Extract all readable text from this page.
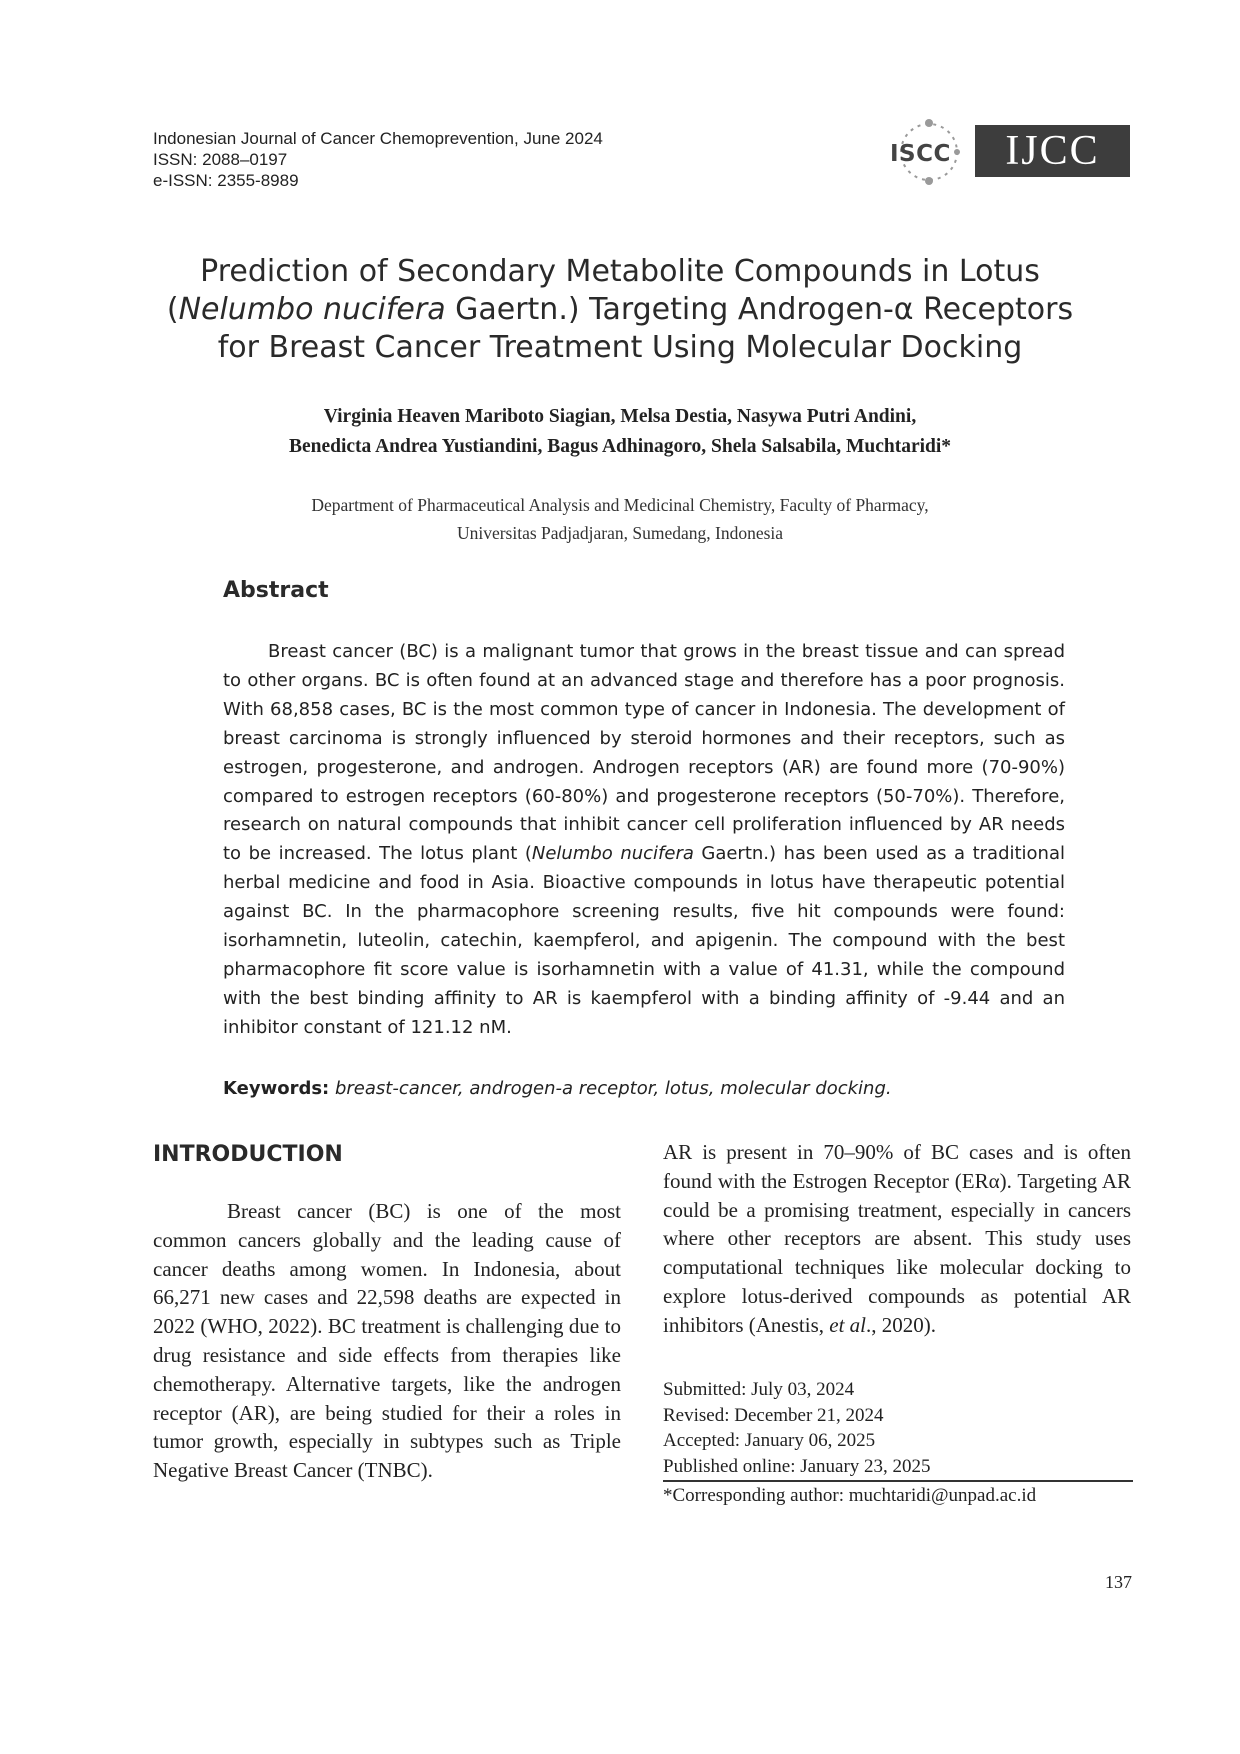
Indonesian Journal of Cancer Chemoprevention, June 2024
ISSN: 2088–0197
e-ISSN: 2355-8989
ISCC	IJCC
Prediction of Secondary Metabolite Compounds in Lotus (Nelumbo nucifera Gaertn.) Targeting Androgen-α Receptors for Breast Cancer Treatment Using Molecular Docking
Virginia Heaven Mariboto Siagian, Melsa Destia, Nasywa Putri Andini,
Benedicta Andrea Yustiandini, Bagus Adhinagoro, Shela Salsabila, Muchtaridi*
Department of Pharmaceutical Analysis and Medicinal Chemistry, Faculty of Pharmacy,
Universitas Padjadjaran, Sumedang, Indonesia
Abstract
Breast cancer (BC) is a malignant tumor that grows in the breast tissue and can spread to other organs. BC is often found at an advanced stage and therefore has a poor prognosis. With 68,858 cases, BC is the most common type of cancer in Indonesia. The development of breast carcinoma is strongly influenced by steroid hormones and their receptors, such as estrogen, progesterone, and androgen. Androgen receptors (AR) are found more (70-90%) compared to estrogen receptors (60-80%) and progesterone receptors (50-70%). Therefore, research on natural compounds that inhibit cancer cell proliferation influenced by AR needs to be increased. The lotus plant (Nelumbo nucifera Gaertn.) has been used as a traditional herbal medicine and food in Asia. Bioactive compounds in lotus have therapeutic potential against BC. In the pharmacophore screening results, five hit compounds were found: isorhamnetin, luteolin, catechin, kaempferol, and apigenin. The compound with the best pharmacophore fit score value is isorhamnetin with a value of 41.31, while the compound with the best binding affinity to AR is kaempferol with a binding affinity of -9.44 and an inhibitor constant of 121.12 nM.
Keywords: breast-cancer, androgen-a receptor, lotus, molecular docking.
INTRODUCTION
Breast cancer (BC) is one of the most common cancers globally and the leading cause of cancer deaths among women. In Indonesia, about 66,271 new cases and 22,598 deaths are expected in 2022 (WHO, 2022). BC treatment is challenging due to drug resistance and side effects from therapies like chemotherapy. Alternative targets, like the androgen receptor (AR), are being studied for their a roles in tumor growth, especially in subtypes such as Triple Negative Breast Cancer (TNBC).
AR is present in 70–90% of BC cases and is often found with the Estrogen Receptor (ERα). Targeting AR could be a promising treatment, especially in cancers where other receptors are absent. This study uses computational techniques like molecular docking to explore lotus-derived compounds as potential AR inhibitors (Anestis, et al., 2020).
Submitted: July 03, 2024
Revised: December 21, 2024
Accepted: January 06, 2025
Published online: January 23, 2025
*Corresponding author: muchtaridi@unpad.ac.id
137
